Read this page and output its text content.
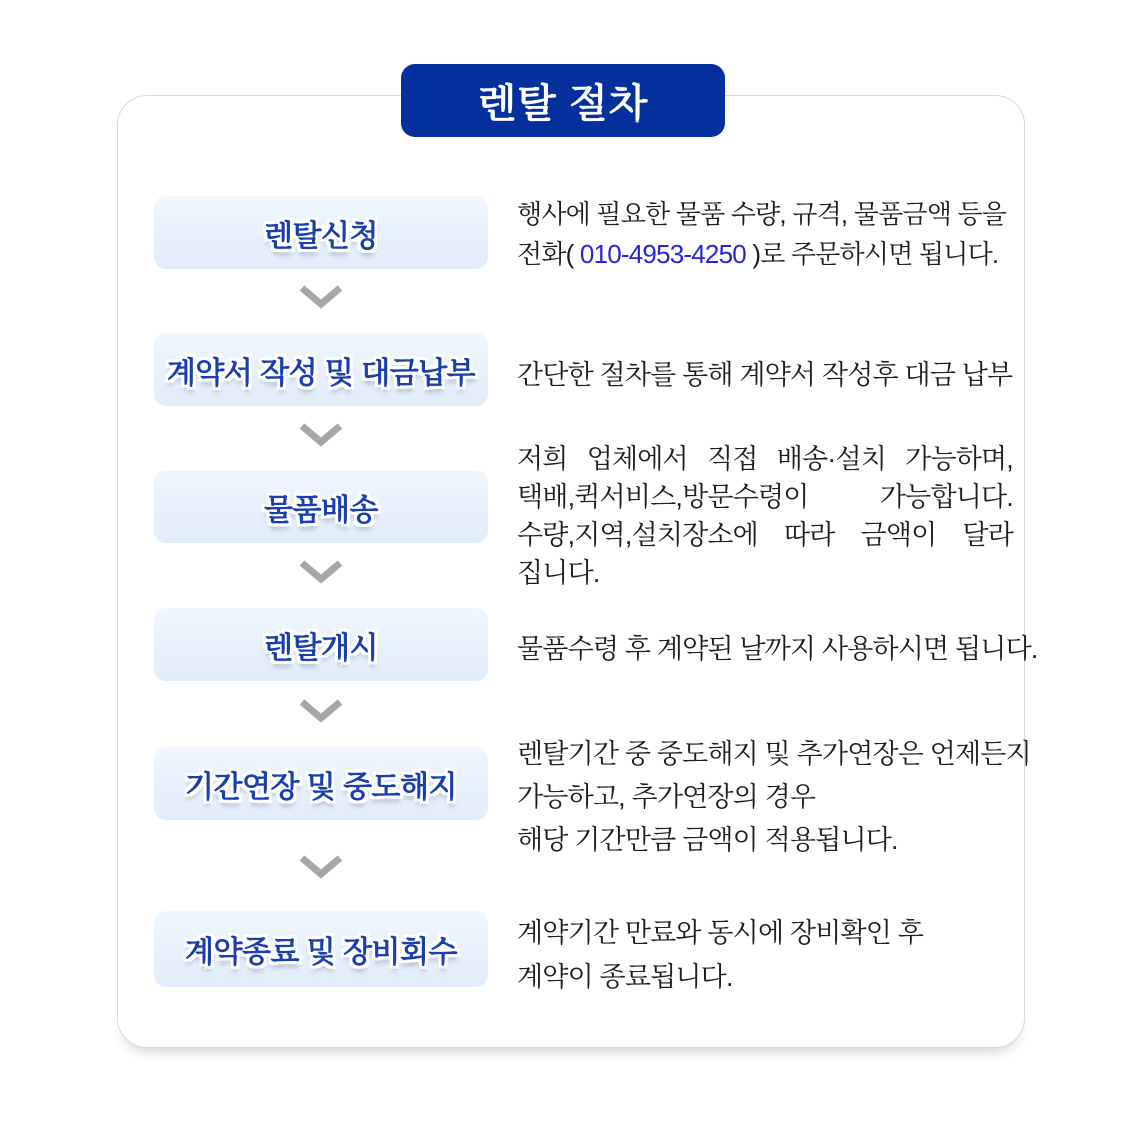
렌탈 절차
렌탈신청
행사에 필요한 물품 수량, 규격, 물품금액 등을
전화( 010-4953-4250 )로 주문하시면 됩니다.
계약서 작성 및 대금납부 간단한 절차를 통해 계약서 작성후 대금 납부
물품배송
저희 업체에서 직접 배송·설치 가능하며,
택배,퀵서비스,방문수령이 가능합니다.
수량,지역,설치장소에 따라 금액이 달라
집니다.
렌탈개시	물품수령 후 계약된 날까지 사용하시면 됩니다.
기간연장 및 중도해지
렌탈기간 중 중도해지 및 추가연장은 언제든지
가능하고, 추가연장의 경우
해당 기간만큼 금액이 적용됩니다.
계약종료 및 장비회수
계약기간 만료와 동시에 장비확인 후
계약이 종료됩니다.
